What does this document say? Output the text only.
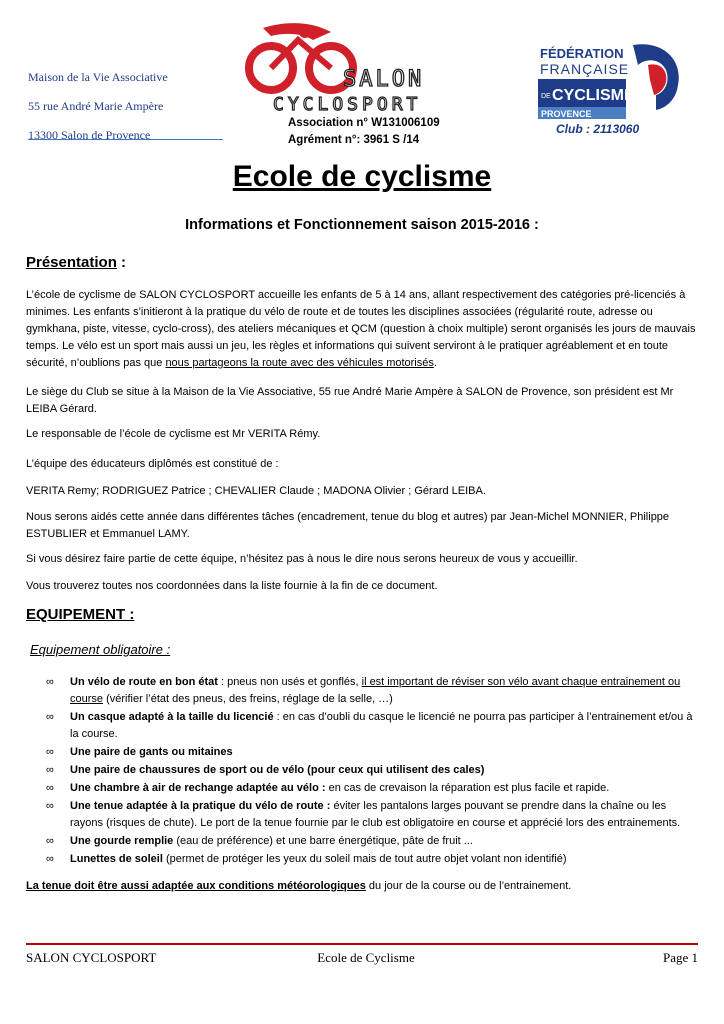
Maison de la Vie Associative
55 rue André Marie Ampère
13300 Salon de Provence
SALON
CYCLOSPORT
Association n° W131006109
Agrément n°: 3961 S /14
FÉDÉRATION
FRANÇAISE
DE CYCLISME
PROVENCE
Club : 2113060
Ecole de cyclisme
Informations et Fonctionnement saison 2015-2016 :
Présentation :
L’école de cyclisme de SALON CYCLOSPORT accueille les enfants de 5 à 14 ans, allant respectivement des catégories pré-licenciés à minimes. Les enfants s’initieront à la pratique du vélo de route et de toutes les disciplines associées (régularité route, adresse ou gymkhana, piste, vitesse, cyclo-cross), des ateliers mécaniques et QCM (question à choix multiple) seront organisés les jours de mauvais temps. Le vélo est un sport mais aussi un jeu, les règles et informations qui suivent serviront à le pratiquer agréablement et en toute sécurité, n’oublions pas que nous partageons la route avec des véhicules motorisés.
Le siège du Club se situe à la Maison de la Vie Associative, 55 rue André Marie Ampère à SALON de Provence, son président est Mr LEIBA Gérard.
Le responsable de l’école de cyclisme est Mr VERITA Rémy.
L’équipe des éducateurs diplômés est constitué de :
VERITA Remy; RODRIGUEZ Patrice ; CHEVALIER Claude ; MADONA Olivier ; Gérard LEIBA.
Nous serons aidés cette année dans différentes tâches (encadrement, tenue du blog et autres) par Jean-Michel MONNIER, Philippe ESTUBLIER et Emmanuel LAMY.
Si vous désirez faire partie de cette équipe, n’hésitez pas à nous le dire nous serons heureux de vous y accueillir.
Vous trouverez toutes nos coordonnées dans la liste fournie à la fin de ce document.
EQUIPEMENT :
Equipement obligatoire :
∞ Un vélo de route en bon état : pneus non usés et gonflés, il est important de réviser son vélo avant chaque entrainement ou course (vérifier l’état des pneus, des freins, réglage de la selle, …)
∞ Un casque adapté à la taille du licencié : en cas d’oubli du casque le licencié ne pourra pas participer à l’entrainement et/ou à la course.
∞ Une paire de gants ou mitaines
∞ Une paire de chaussures de sport ou de vélo (pour ceux qui utilisent des cales)
∞ Une chambre à air de rechange adaptée au vélo : en cas de crevaison la réparation est plus facile et rapide.
∞ Une tenue adaptée à la pratique du vélo de route : éviter les pantalons larges pouvant se prendre dans la chaîne ou les rayons (risques de chute). Le port de la tenue fournie par le club est obligatoire en course et apprécié lors des entrainements.
∞ Une gourde remplie (eau de préférence) et une barre énergétique, pâte de fruit ...
∞ Lunettes de soleil (permet de protéger les yeux du soleil mais de tout autre objet volant non identifié)
La tenue doit être aussi adaptée aux conditions météorologiques du jour de la course ou de l’entrainement.
SALON CYCLOSPORT	Ecole de Cyclisme	Page 1
